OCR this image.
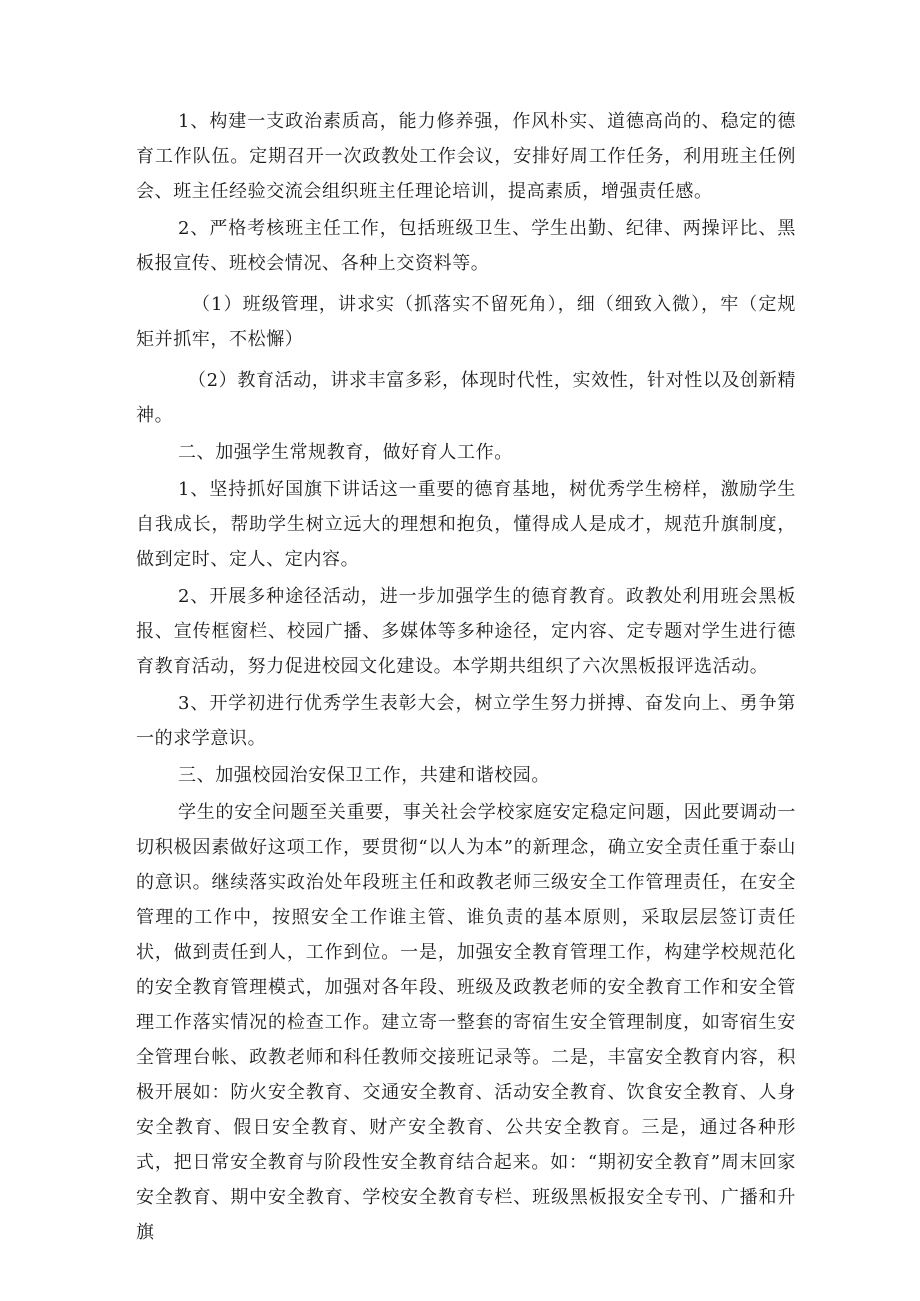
1、构建一支政治素质高，能力修养强，作风朴实、道德高尚的、稳定的德育工作队伍。定期召开一次政教处工作会议，安排好周工作任务，利用班主任例会、班主任经验交流会组织班主任理论培训，提高素质，增强责任感。

2、严格考核班主任工作，包括班级卫生、学生出勤、纪律、两操评比、黑板报宣传、班校会情况、各种上交资料等。

（1）班级管理，讲求实（抓落实不留死角），细（细致入微），牢（定规矩并抓牢，不松懈）

（2）教育活动，讲求丰富多彩，体现时代性，实效性，针对性以及创新精神。

二、加强学生常规教育，做好育人工作。

1、坚持抓好国旗下讲话这一重要的德育基地，树优秀学生榜样，激励学生自我成长，帮助学生树立远大的理想和抱负，懂得成人是成才，规范升旗制度，做到定时、定人、定内容。

2、开展多种途径活动，进一步加强学生的德育教育。政教处利用班会黑板报、宣传框窗栏、校园广播、多媒体等多种途径，定内容、定专题对学生进行德育教育活动，努力促进校园文化建设。本学期共组织了六次黑板报评选活动。

3、开学初进行优秀学生表彰大会，树立学生努力拼搏、奋发向上、勇争第一的求学意识。

三、加强校园治安保卫工作，共建和谐校园。

学生的安全问题至关重要，事关社会学校家庭安定稳定问题，因此要调动一切积极因素做好这项工作，要贯彻“以人为本”的新理念，确立安全责任重于泰山的意识。继续落实政治处年段班主任和政教老师三级安全工作管理责任，在安全管理的工作中，按照安全工作谁主管、谁负责的基本原则，采取层层签订责任状，做到责任到人，工作到位。一是，加强安全教育管理工作，构建学校规范化的安全教育管理模式，加强对各年段、班级及政教老师的安全教育工作和安全管理工作落实情况的检查工作。建立寄一整套的寄宿生安全管理制度，如寄宿生安全管理台帐、政教老师和科任教师交接班记录等。二是，丰富安全教育内容，积极开展如：防火安全教育、交通安全教育、活动安全教育、饮食安全教育、人身安全教育、假日安全教育、财产安全教育、公共安全教育。三是，通过各种形式，把日常安全教育与阶段性安全教育结合起来。如：“期初安全教育”周末回家安全教育、期中安全教育、学校安全教育专栏、班级黑板报安全专刊、广播和升旗
